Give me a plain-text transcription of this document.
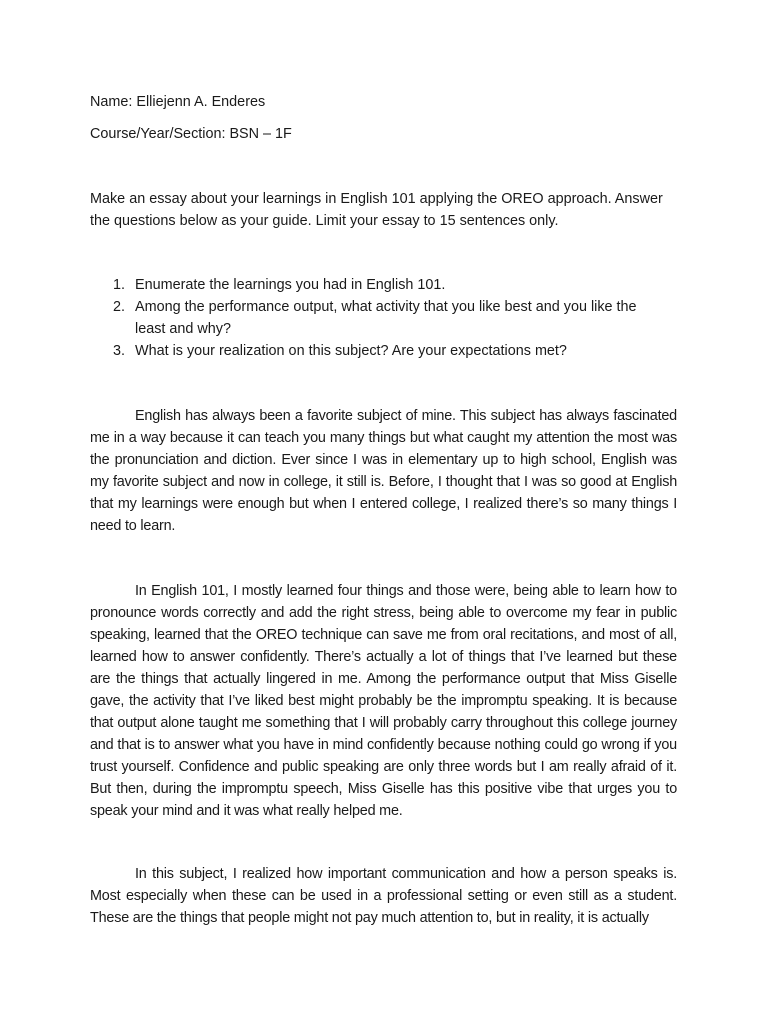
Name: Elliejenn A. Enderes
Course/Year/Section: BSN – 1F

Make an essay about your learnings in English 101 applying the OREO approach. Answer the questions below as your guide. Limit your essay to 15 sentences only.

1. Enumerate the learnings you had in English 101.
2. Among the performance output, what activity that you like best and you like the least and why?
3. What is your realization on this subject? Are your expectations met?

English has always been a favorite subject of mine. This subject has always fascinated me in a way because it can teach you many things but what caught my attention the most was the pronunciation and diction. Ever since I was in elementary up to high school, English was my favorite subject and now in college, it still is. Before, I thought that I was so good at English that my learnings were enough but when I entered college, I realized there’s so many things I need to learn.

In English 101, I mostly learned four things and those were, being able to learn how to pronounce words correctly and add the right stress, being able to overcome my fear in public speaking, learned that the OREO technique can save me from oral recitations, and most of all, learned how to answer confidently. There’s actually a lot of things that I’ve learned but these are the things that actually lingered in me. Among the performance output that Miss Giselle gave, the activity that I’ve liked best might probably be the impromptu speaking. It is because that output alone taught me something that I will probably carry throughout this college journey and that is to answer what you have in mind confidently because nothing could go wrong if you trust yourself. Confidence and public speaking are only three words but I am really afraid of it. But then, during the impromptu speech, Miss Giselle has this positive vibe that urges you to speak your mind and it was what really helped me.

In this subject, I realized how important communication and how a person speaks is. Most especially when these can be used in a professional setting or even still as a student. These are the things that people might not pay much attention to, but in reality, it is actually
